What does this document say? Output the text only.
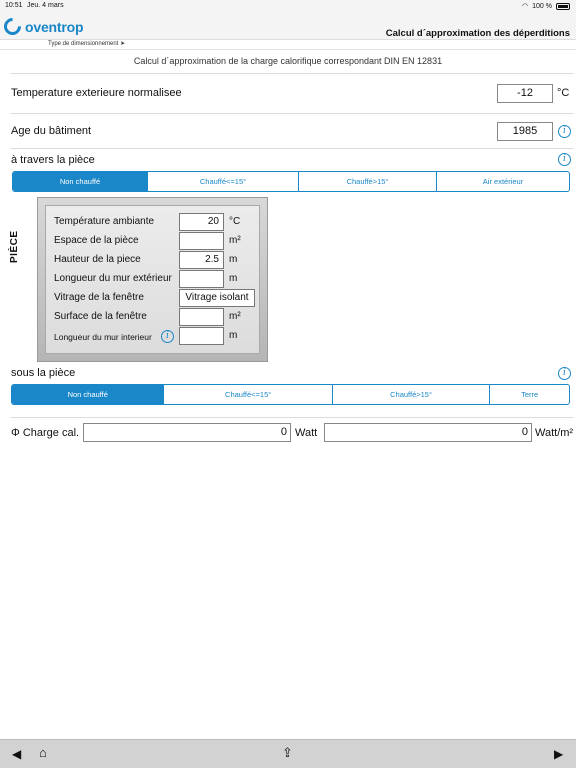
10:51 Jeu. 4 mars	◠ 100 %
oventrop	Calcul d´approximation des déperditions
Type de dimensionnement ➤
Calcul d´approximation de la charge calorifique correspondant DIN EN 12831
Temperature exterieure normalisee	-12	°C
Age du bâtiment	1985	i
à travers la pièce	i
Non chauffé	Chauffé<=15°	Chauffé>15°	Air extérieur
PIÈCE
Température ambiante	20	°C
Espace de la pièce	m²
Hauteur de la piece	2.5	m
Longueur du mur extérieur	m
Vitrage de la fenêtre	Vitrage isolant
Surface de la fenêtre	m²
Longueur du mur interieur	i	m
sous la pièce	i
Non chauffé	Chauffé<=15°	Chauffé>15°	Terre
Φ Charge cal.	0 Watt	0 Watt/m²
◀ ⌂	⇪	▶
